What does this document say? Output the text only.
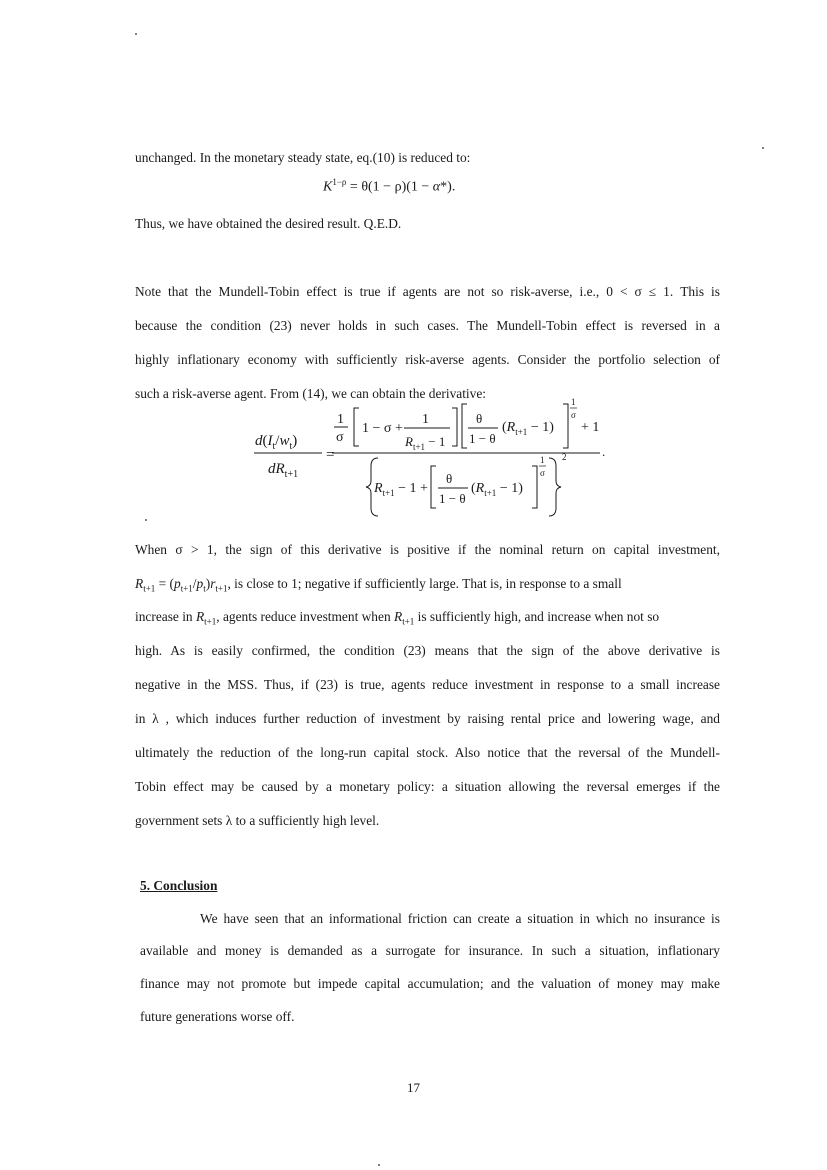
unchanged. In the monetary steady state, eq.(10) is reduced to:
$K^{1-\rho} = \theta(1 - \rho)(1 - \alpha*)$.
Thus, we have obtained the desired result. Q.E.D.
Note that the Mundell-Tobin effect is true if agents are not so risk-averse, i.e., 0 < σ ≤ 1. This is
because the condition (23) never holds in such cases. The Mundell-Tobin effect is reversed in a
highly inflationary economy with sufficiently risk-averse agents. Consider the portfolio selection of
such a risk-averse agent. From (14), we can obtain the derivative:
$d(I_t/w_t)$
$dR_{t+1}$
=
1
σ
1 − σ +
1
$R_{t+1} - 1$
θ
1 − θ
$(R_{t+1} - 1)$
1
σ
+ 1
$R_{t+1} - 1$ +
θ
1 − θ
$(R_{t+1} - 1)$
1
σ
2	.
When σ > 1, the sign of this derivative is positive if the nominal return on capital investment,
$R_{t+1} = (p_{t+1}/p_t)r_{t+1}$, is close to 1; negative if sufficiently large. That is, in response to a small
increase in $R_{t+1}$, agents reduce investment when $R_{t+1}$ is sufficiently high, and increase when not so
high. As is easily confirmed, the condition (23) means that the sign of the above derivative is
negative in the MSS. Thus, if (23) is true, agents reduce investment in response to a small increase
in λ , which induces further reduction of investment by raising rental price and lowering wage, and
ultimately the reduction of the long-run capital stock. Also notice that the reversal of the Mundell-
Tobin effect may be caused by a monetary policy: a situation allowing the reversal emerges if the
government sets λ to a sufficiently high level.
5. Conclusion
We have seen that an informational friction can create a situation in which no insurance is
available and money is demanded as a surrogate for insurance. In such a situation, inflationary
finance may not promote but impede capital accumulation; and the valuation of money may make
future generations worse off.
17
